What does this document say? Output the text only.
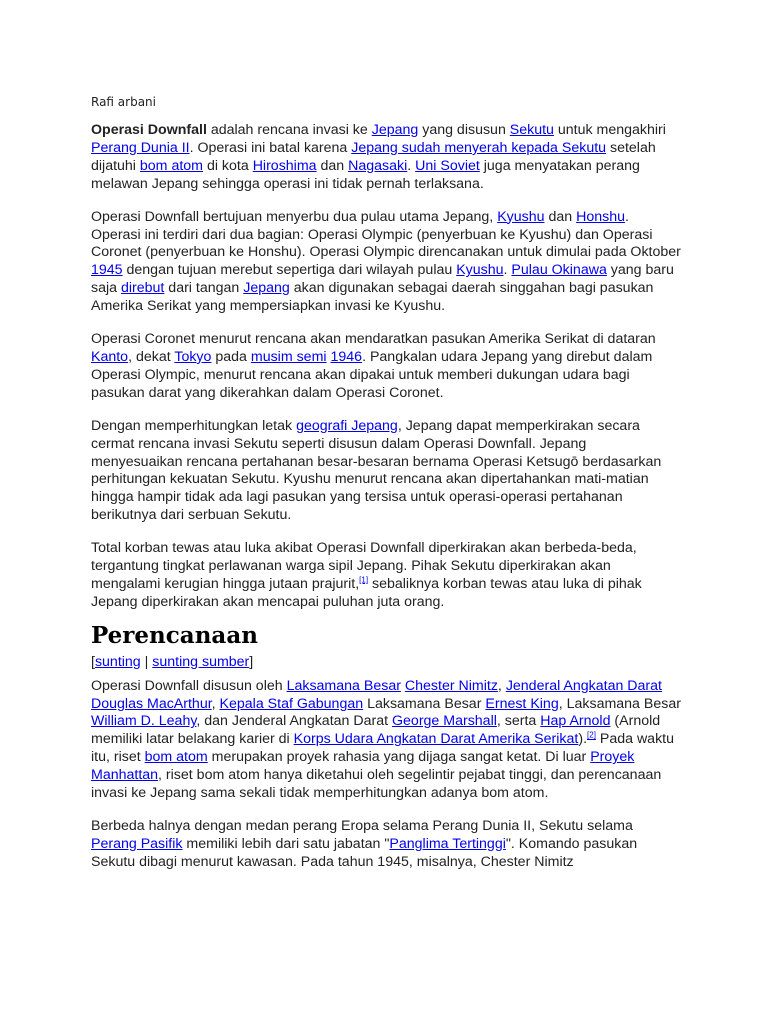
Rafi arbani

Operasi Downfall adalah rencana invasi ke Jepang yang disusun Sekutu untuk mengakhiri Perang Dunia II. Operasi ini batal karena Jepang sudah menyerah kepada Sekutu setelah dijatuhi bom atom di kota Hiroshima dan Nagasaki. Uni Soviet juga menyatakan perang melawan Jepang sehingga operasi ini tidak pernah terlaksana.

Operasi Downfall bertujuan menyerbu dua pulau utama Jepang, Kyushu dan Honshu. Operasi ini terdiri dari dua bagian: Operasi Olympic (penyerbuan ke Kyushu) dan Operasi Coronet (penyerbuan ke Honshu). Operasi Olympic direncanakan untuk dimulai pada Oktober 1945 dengan tujuan merebut sepertiga dari wilayah pulau Kyushu. Pulau Okinawa yang baru saja direbut dari tangan Jepang akan digunakan sebagai daerah singgahan bagi pasukan Amerika Serikat yang mempersiapkan invasi ke Kyushu.

Operasi Coronet menurut rencana akan mendaratkan pasukan Amerika Serikat di dataran Kanto, dekat Tokyo pada musim semi 1946. Pangkalan udara Jepang yang direbut dalam Operasi Olympic, menurut rencana akan dipakai untuk memberi dukungan udara bagi pasukan darat yang dikerahkan dalam Operasi Coronet.

Dengan memperhitungkan letak geografi Jepang, Jepang dapat memperkirakan secara cermat rencana invasi Sekutu seperti disusun dalam Operasi Downfall. Jepang menyesuaikan rencana pertahanan besar-besaran bernama Operasi Ketsugō berdasarkan perhitungan kekuatan Sekutu. Kyushu menurut rencana akan dipertahankan mati-matian hingga hampir tidak ada lagi pasukan yang tersisa untuk operasi-operasi pertahanan berikutnya dari serbuan Sekutu.

Total korban tewas atau luka akibat Operasi Downfall diperkirakan akan berbeda-beda, tergantung tingkat perlawanan warga sipil Jepang. Pihak Sekutu diperkirakan akan mengalami kerugian hingga jutaan prajurit,[1] sebaliknya korban tewas atau luka di pihak Jepang diperkirakan akan mencapai puluhan juta orang.

Perencanaan
[sunting | sunting sumber]

Operasi Downfall disusun oleh Laksamana Besar Chester Nimitz, Jenderal Angkatan Darat Douglas MacArthur, Kepala Staf Gabungan Laksamana Besar Ernest King, Laksamana Besar William D. Leahy, dan Jenderal Angkatan Darat George Marshall, serta Hap Arnold (Arnold memiliki latar belakang karier di Korps Udara Angkatan Darat Amerika Serikat).[2] Pada waktu itu, riset bom atom merupakan proyek rahasia yang dijaga sangat ketat. Di luar Proyek Manhattan, riset bom atom hanya diketahui oleh segelintir pejabat tinggi, dan perencanaan invasi ke Jepang sama sekali tidak memperhitungkan adanya bom atom.

Berbeda halnya dengan medan perang Eropa selama Perang Dunia II, Sekutu selama Perang Pasifik memiliki lebih dari satu jabatan "Panglima Tertinggi". Komando pasukan Sekutu dibagi menurut kawasan. Pada tahun 1945, misalnya, Chester Nimitz
